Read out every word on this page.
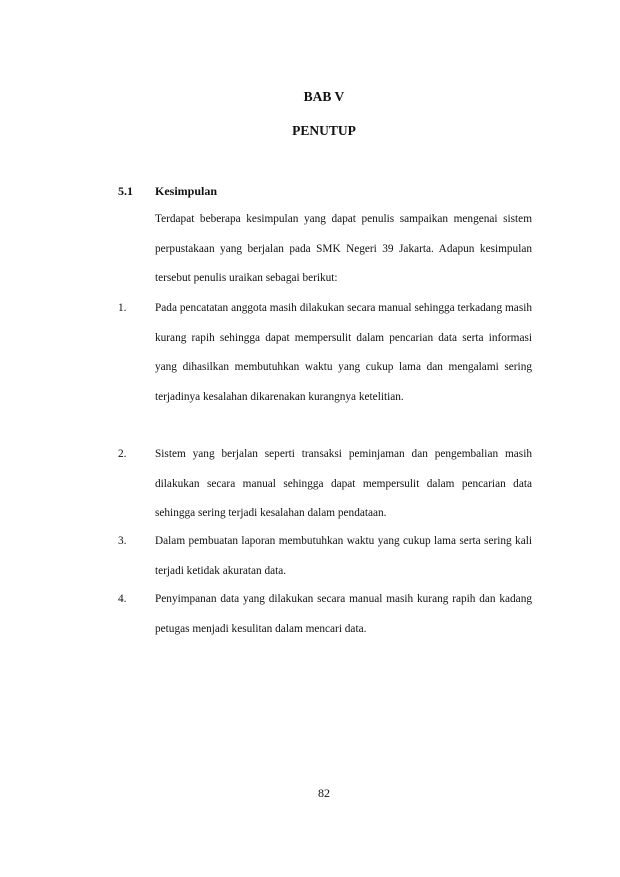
BAB V
PENUTUP
5.1 Kesimpulan

Terdapat beberapa kesimpulan yang dapat penulis sampaikan mengenai sistem perpustakaan yang berjalan pada SMK Negeri 39 Jakarta. Adapun kesimpulan tersebut penulis uraikan sebagai berikut:

1.	Pada pencatatan anggota masih dilakukan secara manual sehingga terkadang masih kurang rapih sehingga dapat mempersulit dalam pencarian data serta informasi yang dihasilkan membutuhkan waktu yang cukup lama dan mengalami sering terjadinya kesalahan dikarenakan kurangnya ketelitian.

2.	Sistem yang berjalan seperti transaksi peminjaman dan pengembalian masih dilakukan secara manual sehingga dapat mempersulit dalam pencarian data sehingga sering terjadi kesalahan dalam pendataan.

3.	Dalam pembuatan laporan membutuhkan waktu yang cukup lama serta sering kali terjadi ketidak akuratan data.

4.	Penyimpanan data yang dilakukan secara manual masih kurang rapih dan kadang petugas menjadi kesulitan dalam mencari data.

82
